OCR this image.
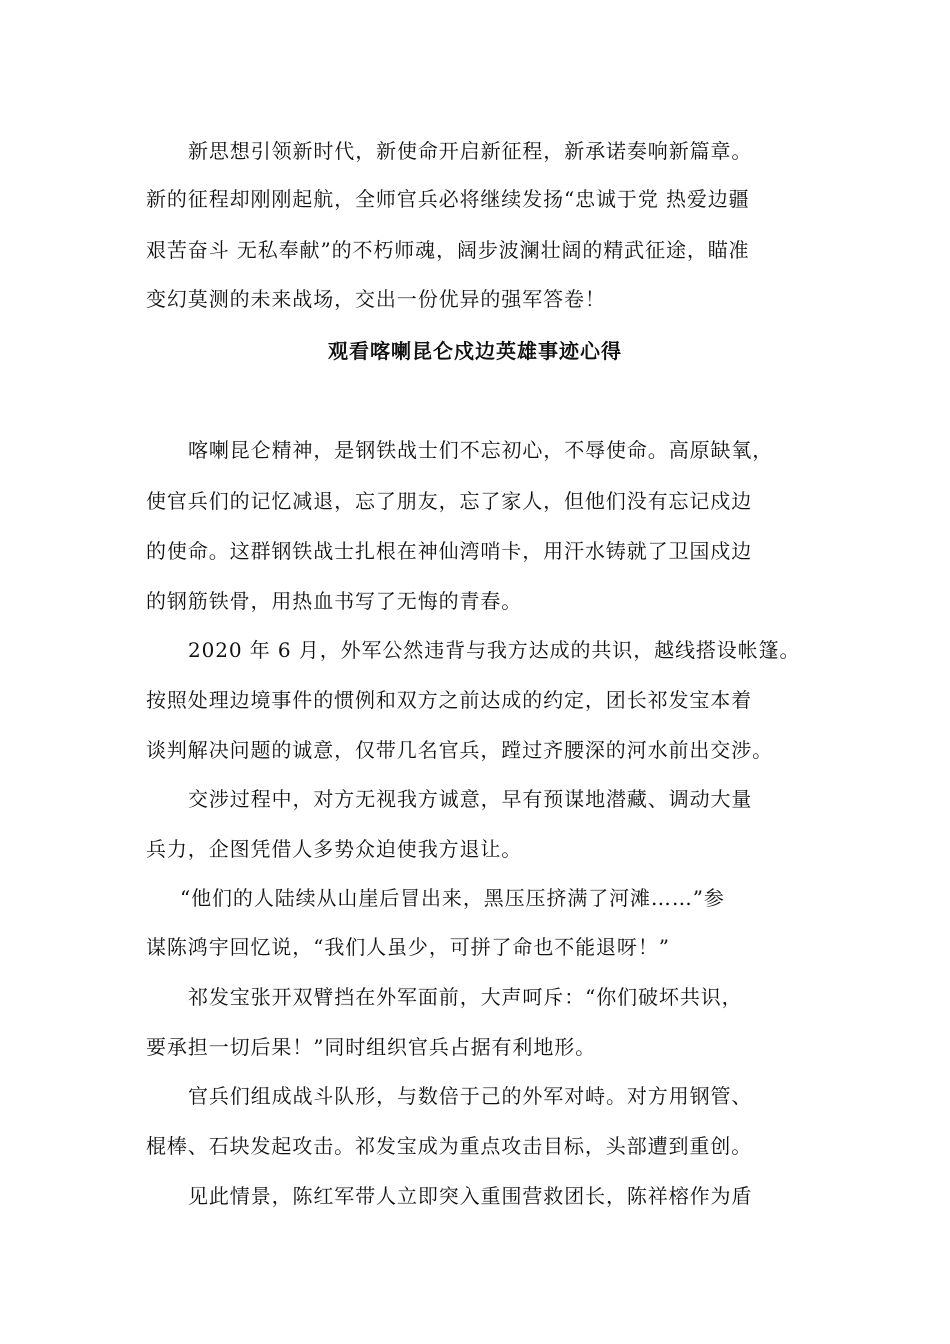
新思想引领新时代，新使命开启新征程，新承诺奏响新篇章。
新的征程却刚刚起航，全师官兵必将继续发扬“忠诚于党 热爱边疆
艰苦奋斗 无私奉献”的不朽师魂，阔步波澜壮阔的精武征途，瞄准
变幻莫测的未来战场，交出一份优异的强军答卷！
观看喀喇昆仑戍边英雄事迹心得
喀喇昆仑精神，是钢铁战士们不忘初心，不辱使命。高原缺氧，
使官兵们的记忆减退，忘了朋友，忘了家人，但他们没有忘记戍边
的使命。这群钢铁战士扎根在神仙湾哨卡，用汗水铸就了卫国戍边
的钢筋铁骨，用热血书写了无悔的青春。
2020 年 6 月，外军公然违背与我方达成的共识，越线搭设帐篷。
按照处理边境事件的惯例和双方之前达成的约定，团长祁发宝本着
谈判解决问题的诚意，仅带几名官兵，蹚过齐腰深的河水前出交涉。
交涉过程中，对方无视我方诚意，早有预谋地潜藏、调动大量
兵力，企图凭借人多势众迫使我方退让。
“他们的人陆续从山崖后冒出来，黑压压挤满了河滩……”参
谋陈鸿宇回忆说，“我们人虽少，可拼了命也不能退呀！”
祁发宝张开双臂挡在外军面前，大声呵斥：“你们破坏共识，
要承担一切后果！”同时组织官兵占据有利地形。
官兵们组成战斗队形，与数倍于己的外军对峙。对方用钢管、
棍棒、石块发起攻击。祁发宝成为重点攻击目标，头部遭到重创。
见此情景，陈红军带人立即突入重围营救团长，陈祥榕作为盾
